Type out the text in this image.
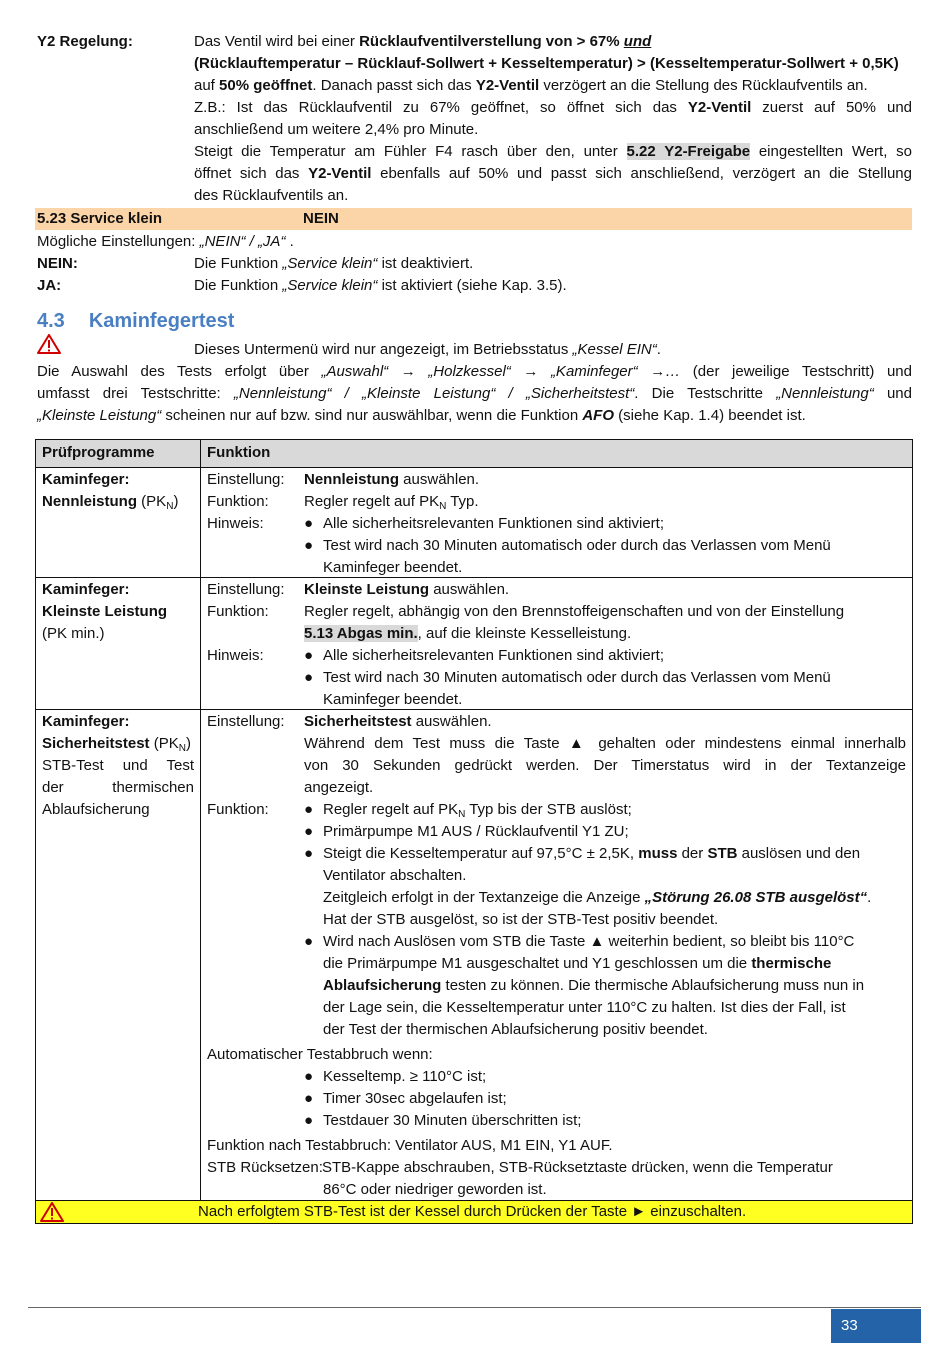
Y2 Regelung:	Das Ventil wird bei einer Rücklaufventilverstellung von > 67% und
(Rücklauftemperatur – Rücklauf-Sollwert + Kesseltemperatur) > (Kesseltemperatur-Sollwert + 0,5K)
auf 50% geöffnet. Danach passt sich das Y2-Ventil verzögert an die Stellung des Rücklaufventils an.
Z.B.: Ist das Rücklaufventil zu 67% geöffnet, so öffnet sich das Y2-Ventil zuerst auf 50% und
anschließend um weitere 2,4% pro Minute.
Steigt die Temperatur am Fühler F4 rasch über den, unter 5.22 Y2-Freigabe eingestellten Wert, so
öffnet sich das Y2-Ventil ebenfalls auf 50% und passt sich anschließend, verzögert an die Stellung
des Rücklaufventils an.
5.23 Service klein	NEIN
Mögliche Einstellungen: „NEIN“ / „JA“ .
NEIN:	Die Funktion „Service klein“ ist deaktiviert.
JA:	Die Funktion „Service klein“ ist aktiviert (siehe Kap. 3.5).
4.3 Kaminfegertest
Dieses Untermenü wird nur angezeigt, im Betriebsstatus „Kessel EIN“.
Die Auswahl des Tests erfolgt über „Auswahl“ → „Holzkessel“ → „Kaminfeger“ →… (der jeweilige Testschritt) und
umfasst drei Testschritte: „Nennleistung“ / „Kleinste Leistung“ / „Sicherheitstest“. Die Testschritte „Nennleistung“ und
„Kleinste Leistung“ scheinen nur auf bzw. sind nur auswählbar, wenn die Funktion AFO (siehe Kap. 1.4) beendet ist.
Prüfprogramme	Funktion
Kaminfeger:
Nennleistung $(PK_N)$
Einstellung: Nennleistung auswählen.
Funktion: Regler regelt auf $PK_N$ Typ.
Hinweis:	● Alle sicherheitsrelevanten Funktionen sind aktiviert;
● Test wird nach 30 Minuten automatisch oder durch das Verlassen vom Menü
Kaminfeger beendet.
Kaminfeger:
Kleinste Leistung
(PK min.)
Einstellung: Kleinste Leistung auswählen.
Funktion: Regler regelt, abhängig von den Brennstoffeigenschaften und von der Einstellung
5.13 Abgas min., auf die kleinste Kesselleistung.
Hinweis:	● Alle sicherheitsrelevanten Funktionen sind aktiviert;
● Test wird nach 30 Minuten automatisch oder durch das Verlassen vom Menü
Kaminfeger beendet.
Kaminfeger:
Sicherheitstest $(PK_N)$
STB-Test und Test
der thermischen
Ablaufsicherung
Einstellung: Sicherheitstest auswählen.
Während dem Test muss die Taste ▲ gehalten oder mindestens einmal innerhalb
von 30 Sekunden gedrückt werden. Der Timerstatus wird in der Textanzeige
angezeigt.
Funktion: ● Regler regelt auf $PK_N$ Typ bis der STB auslöst;
● Primärpumpe M1 AUS / Rücklaufventil Y1 ZU;
● Steigt die Kesseltemperatur auf 97,5°C ± 2,5K, muss der STB auslösen und den
Ventilator abschalten.
Zeitgleich erfolgt in der Textanzeige die Anzeige „Störung 26.08 STB ausgelöst“.
Hat der STB ausgelöst, so ist der STB-Test positiv beendet.
● Wird nach Auslösen vom STB die Taste ▲ weiterhin bedient, so bleibt bis 110°C
die Primärpumpe M1 ausgeschaltet und Y1 geschlossen um die thermische
Ablaufsicherung testen zu können. Die thermische Ablaufsicherung muss nun in
der Lage sein, die Kesseltemperatur unter 110°C zu halten. Ist dies der Fall, ist
der Test der thermischen Ablaufsicherung positiv beendet.
Automatischer Testabbruch wenn:
● Kesseltemp. ≥ 110°C ist;
● Timer 30sec abgelaufen ist;
● Testdauer 30 Minuten überschritten ist;
Funktion nach Testabbruch: Ventilator AUS, M1 EIN, Y1 AUF.
STB Rücksetzen: STB-Kappe abschrauben, STB-Rücksetztaste drücken, wenn die Temperatur
86°C oder niedriger geworden ist.
Nach erfolgtem STB-Test ist der Kessel durch Drücken der Taste ► einzuschalten.
33
